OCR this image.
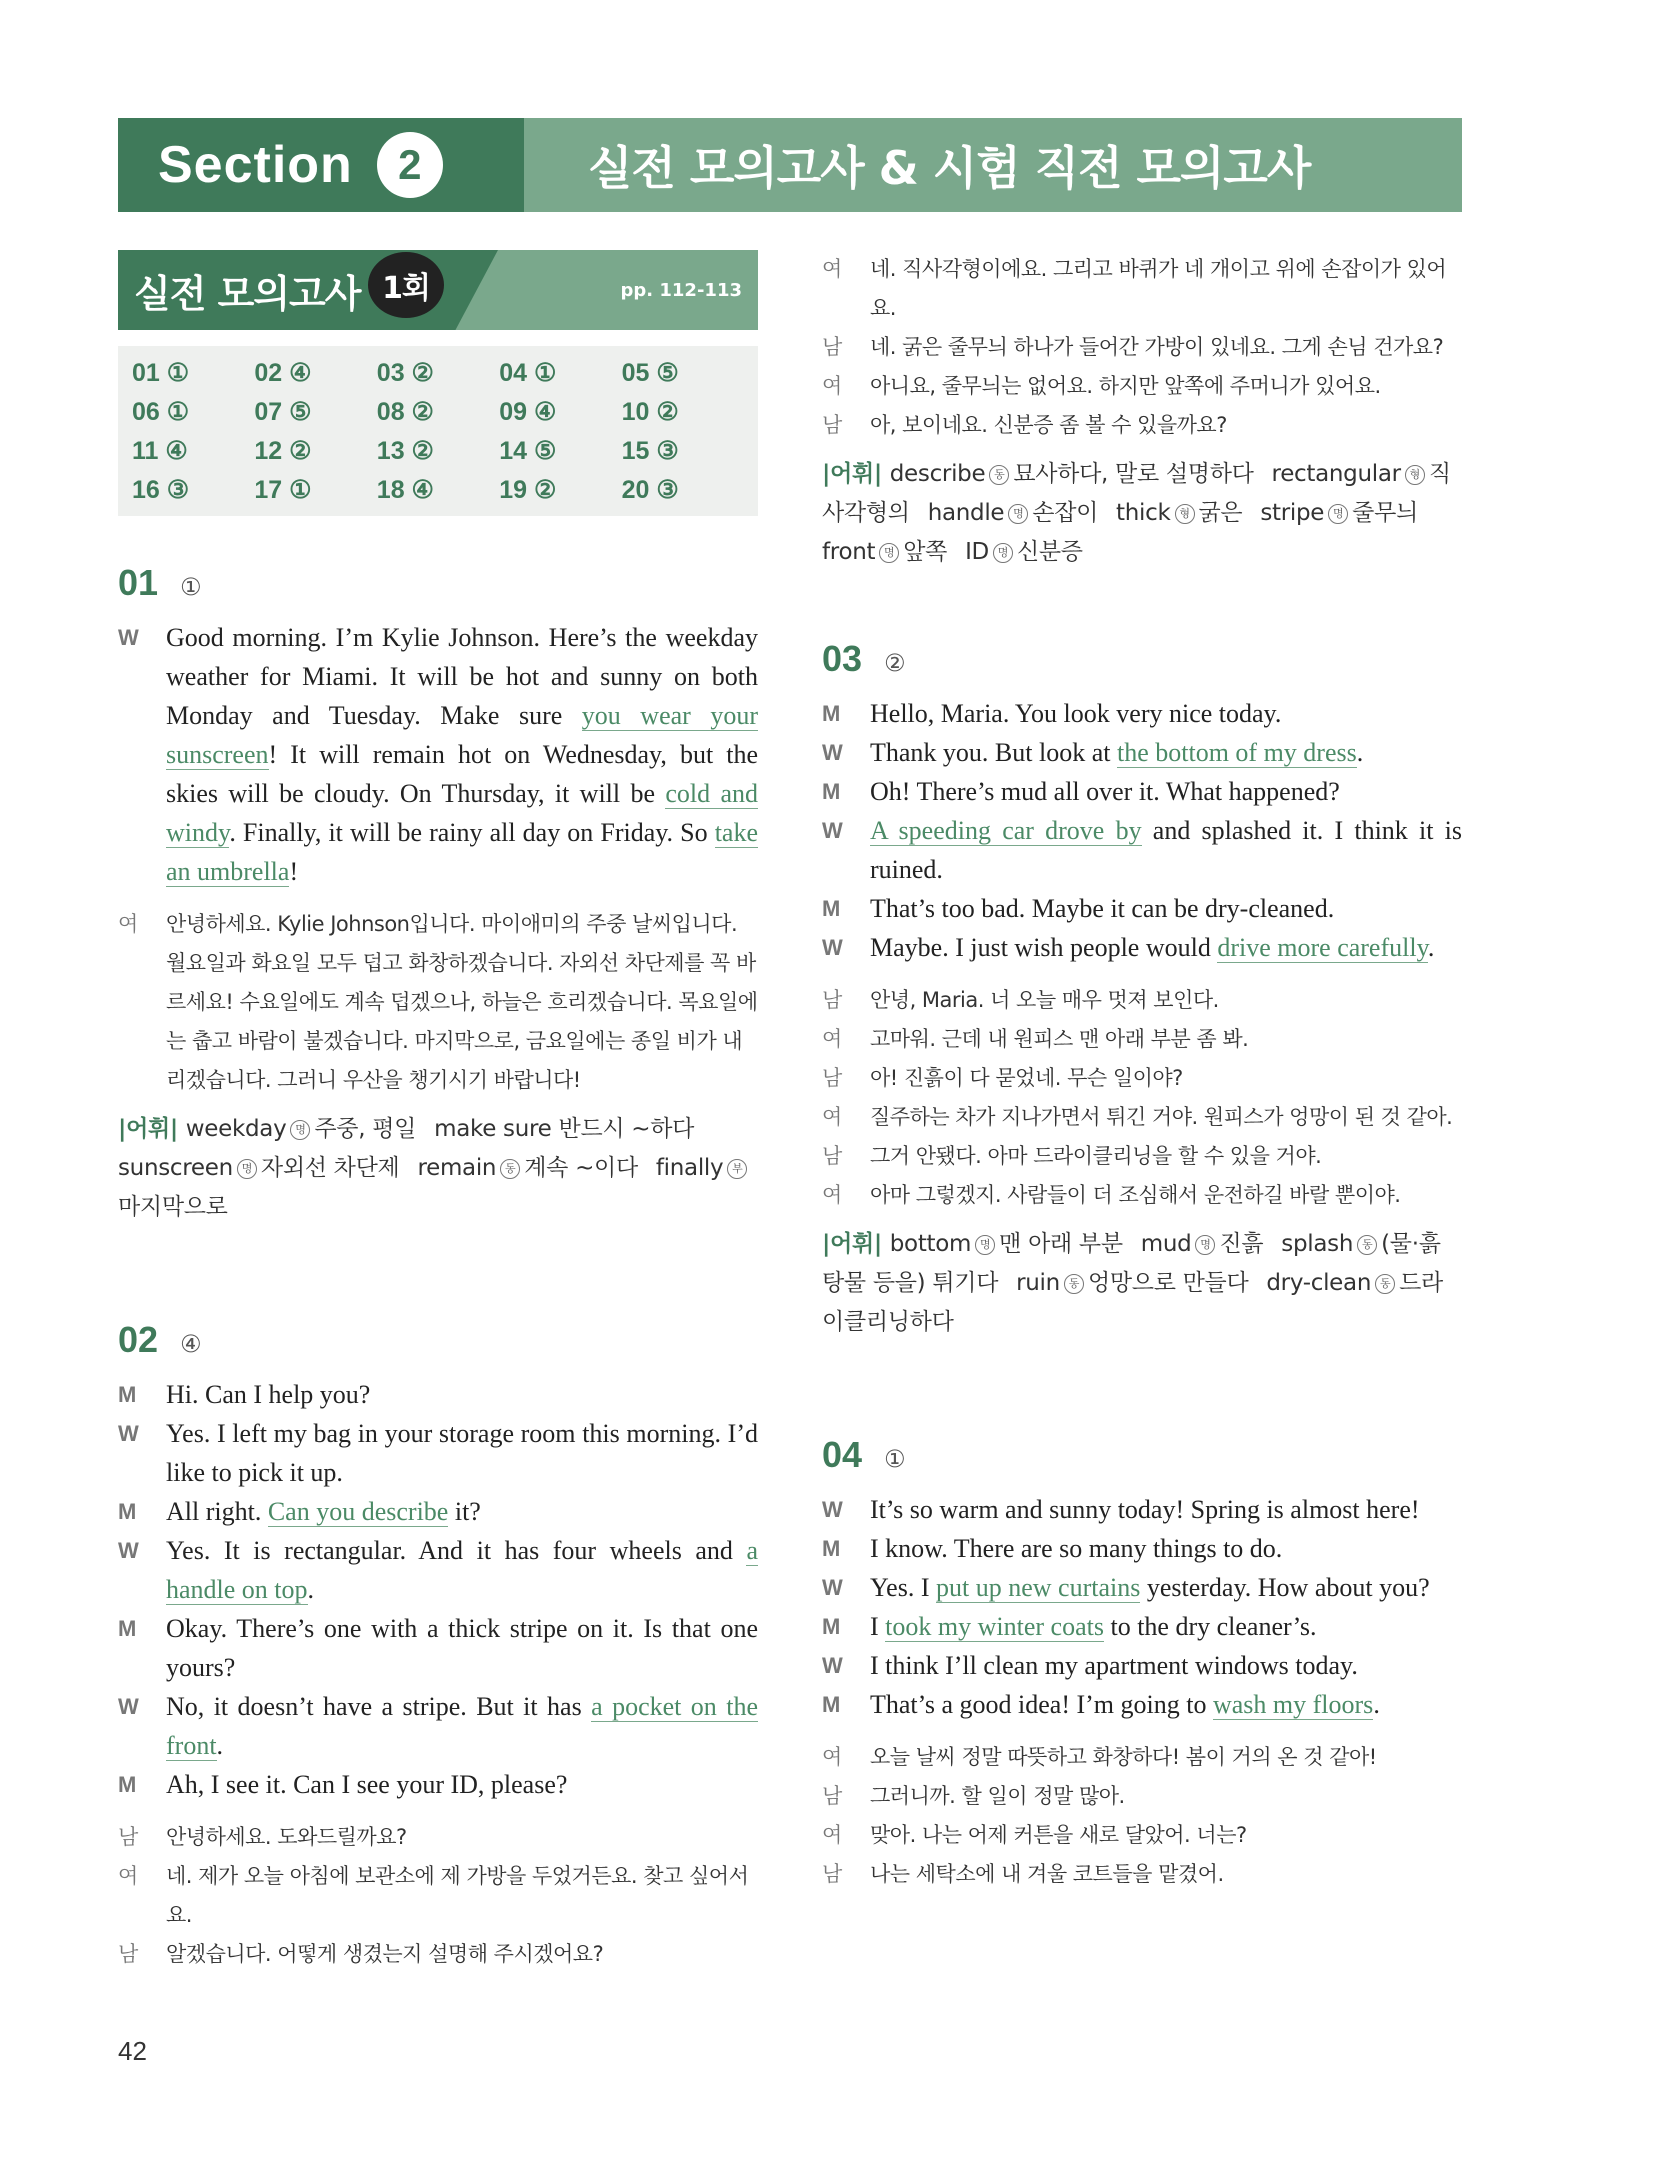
Section	2	실전 모의고사 & 시험 직전 모의고사
실전 모의고사 1회	pp. 112-113
01 ①	02 ④	03 ②	04 ①	05 ⑤
06 ①	07 ⑤	08 ②	09 ④	10 ②
11 ④	12 ②	13 ②	14 ⑤	15 ③
16 ③	17 ①	18 ④	19 ②	20 ③
01 ①
W	Good morning. I’m Kylie Johnson. Here’s the weekday weather for Miami. It will be hot and sunny on both Monday and Tuesday. Make sure you wear your sunscreen! It will remain hot on Wednesday, but the skies will be cloudy. On Thursday, it will be cold and windy. Finally, it will be rainy all day on Friday. So take an umbrella!
여	안녕하세요. Kylie Johnson입니다. 마이애미의 주중 날씨입니다. 월요일과 화요일 모두 덥고 화창하겠습니다. 자외선 차단제를 꼭 바르세요! 수요일에도 계속 덥겠으나, 하늘은 흐리겠습니다. 목요일에는 춥고 바람이 불겠습니다. 마지막으로, 금요일에는 종일 비가 내리겠습니다. 그러니 우산을 챙기시기 바랍니다!
|어휘| weekday 명 주중, 평일 make sure 반드시 ~하다sunscreen 명 자외선 차단제 remain 동 계속 ~이다 finally 부마지막으로
02 ④
M	Hi. Can I help you?
W	Yes. I left my bag in your storage room this morning. I’d like to pick it up.
M	All right. Can you describe it?
W	Yes. It is rectangular. And it has four wheels and a handle on top.
M	Okay. There’s one with a thick stripe on it. Is that one yours?
W	No, it doesn’t have a stripe. But it has a pocket on the front.
M	Ah, I see it. Can I see your ID, please?
남	안녕하세요. 도와드릴까요?
여	네. 제가 오늘 아침에 보관소에 제 가방을 두었거든요. 찾고 싶어서요.
남	알겠습니다. 어떻게 생겼는지 설명해 주시겠어요?
여	네. 직사각형이에요. 그리고 바퀴가 네 개이고 위에 손잡이가 있어요.
남	네. 굵은 줄무늬 하나가 들어간 가방이 있네요. 그게 손님 건가요?
여	아니요, 줄무늬는 없어요. 하지만 앞쪽에 주머니가 있어요.
남	아, 보이네요. 신분증 좀 볼 수 있을까요?
|어휘| describe 동 묘사하다, 말로 설명하다 rectangular 형 직사각형의 handle 명 손잡이 thick 형 굵은 stripe 명 줄무늬front 명 앞쪽 ID 명 신분증
03 ②
M	Hello, Maria. You look very nice today.
W	Thank you. But look at the bottom of my dress.
M	Oh! There’s mud all over it. What happened?
W	A speeding car drove by and splashed it. I think it is ruined.
M	That’s too bad. Maybe it can be dry-cleaned.
W	Maybe. I just wish people would drive more carefully.
남	안녕, Maria. 너 오늘 매우 멋져 보인다.
여	고마워. 근데 내 원피스 맨 아래 부분 좀 봐.
남	아! 진흙이 다 묻었네. 무슨 일이야?
여	질주하는 차가 지나가면서 튀긴 거야. 원피스가 엉망이 된 것 같아.
남	그거 안됐다. 아마 드라이클리닝을 할 수 있을 거야.
여	아마 그렇겠지. 사람들이 더 조심해서 운전하길 바랄 뿐이야.
|어휘| bottom 명 맨 아래 부분 mud 명 진흙 splash 동 (물·흙탕물 등을) 튀기다 ruin 동 엉망으로 만들다 dry-clean 동 드라이클리닝하다
04 ①
W	It’s so warm and sunny today! Spring is almost here!
M	I know. There are so many things to do.
W	Yes. I put up new curtains yesterday. How about you?
M	I took my winter coats to the dry cleaner’s.
W	I think I’ll clean my apartment windows today.
M	That’s a good idea! I’m going to wash my floors.
여	오늘 날씨 정말 따뜻하고 화창하다! 봄이 거의 온 것 같아!
남	그러니까. 할 일이 정말 많아.
여	맞아. 나는 어제 커튼을 새로 달았어. 너는?
남	나는 세탁소에 내 겨울 코트들을 맡겼어.
42
